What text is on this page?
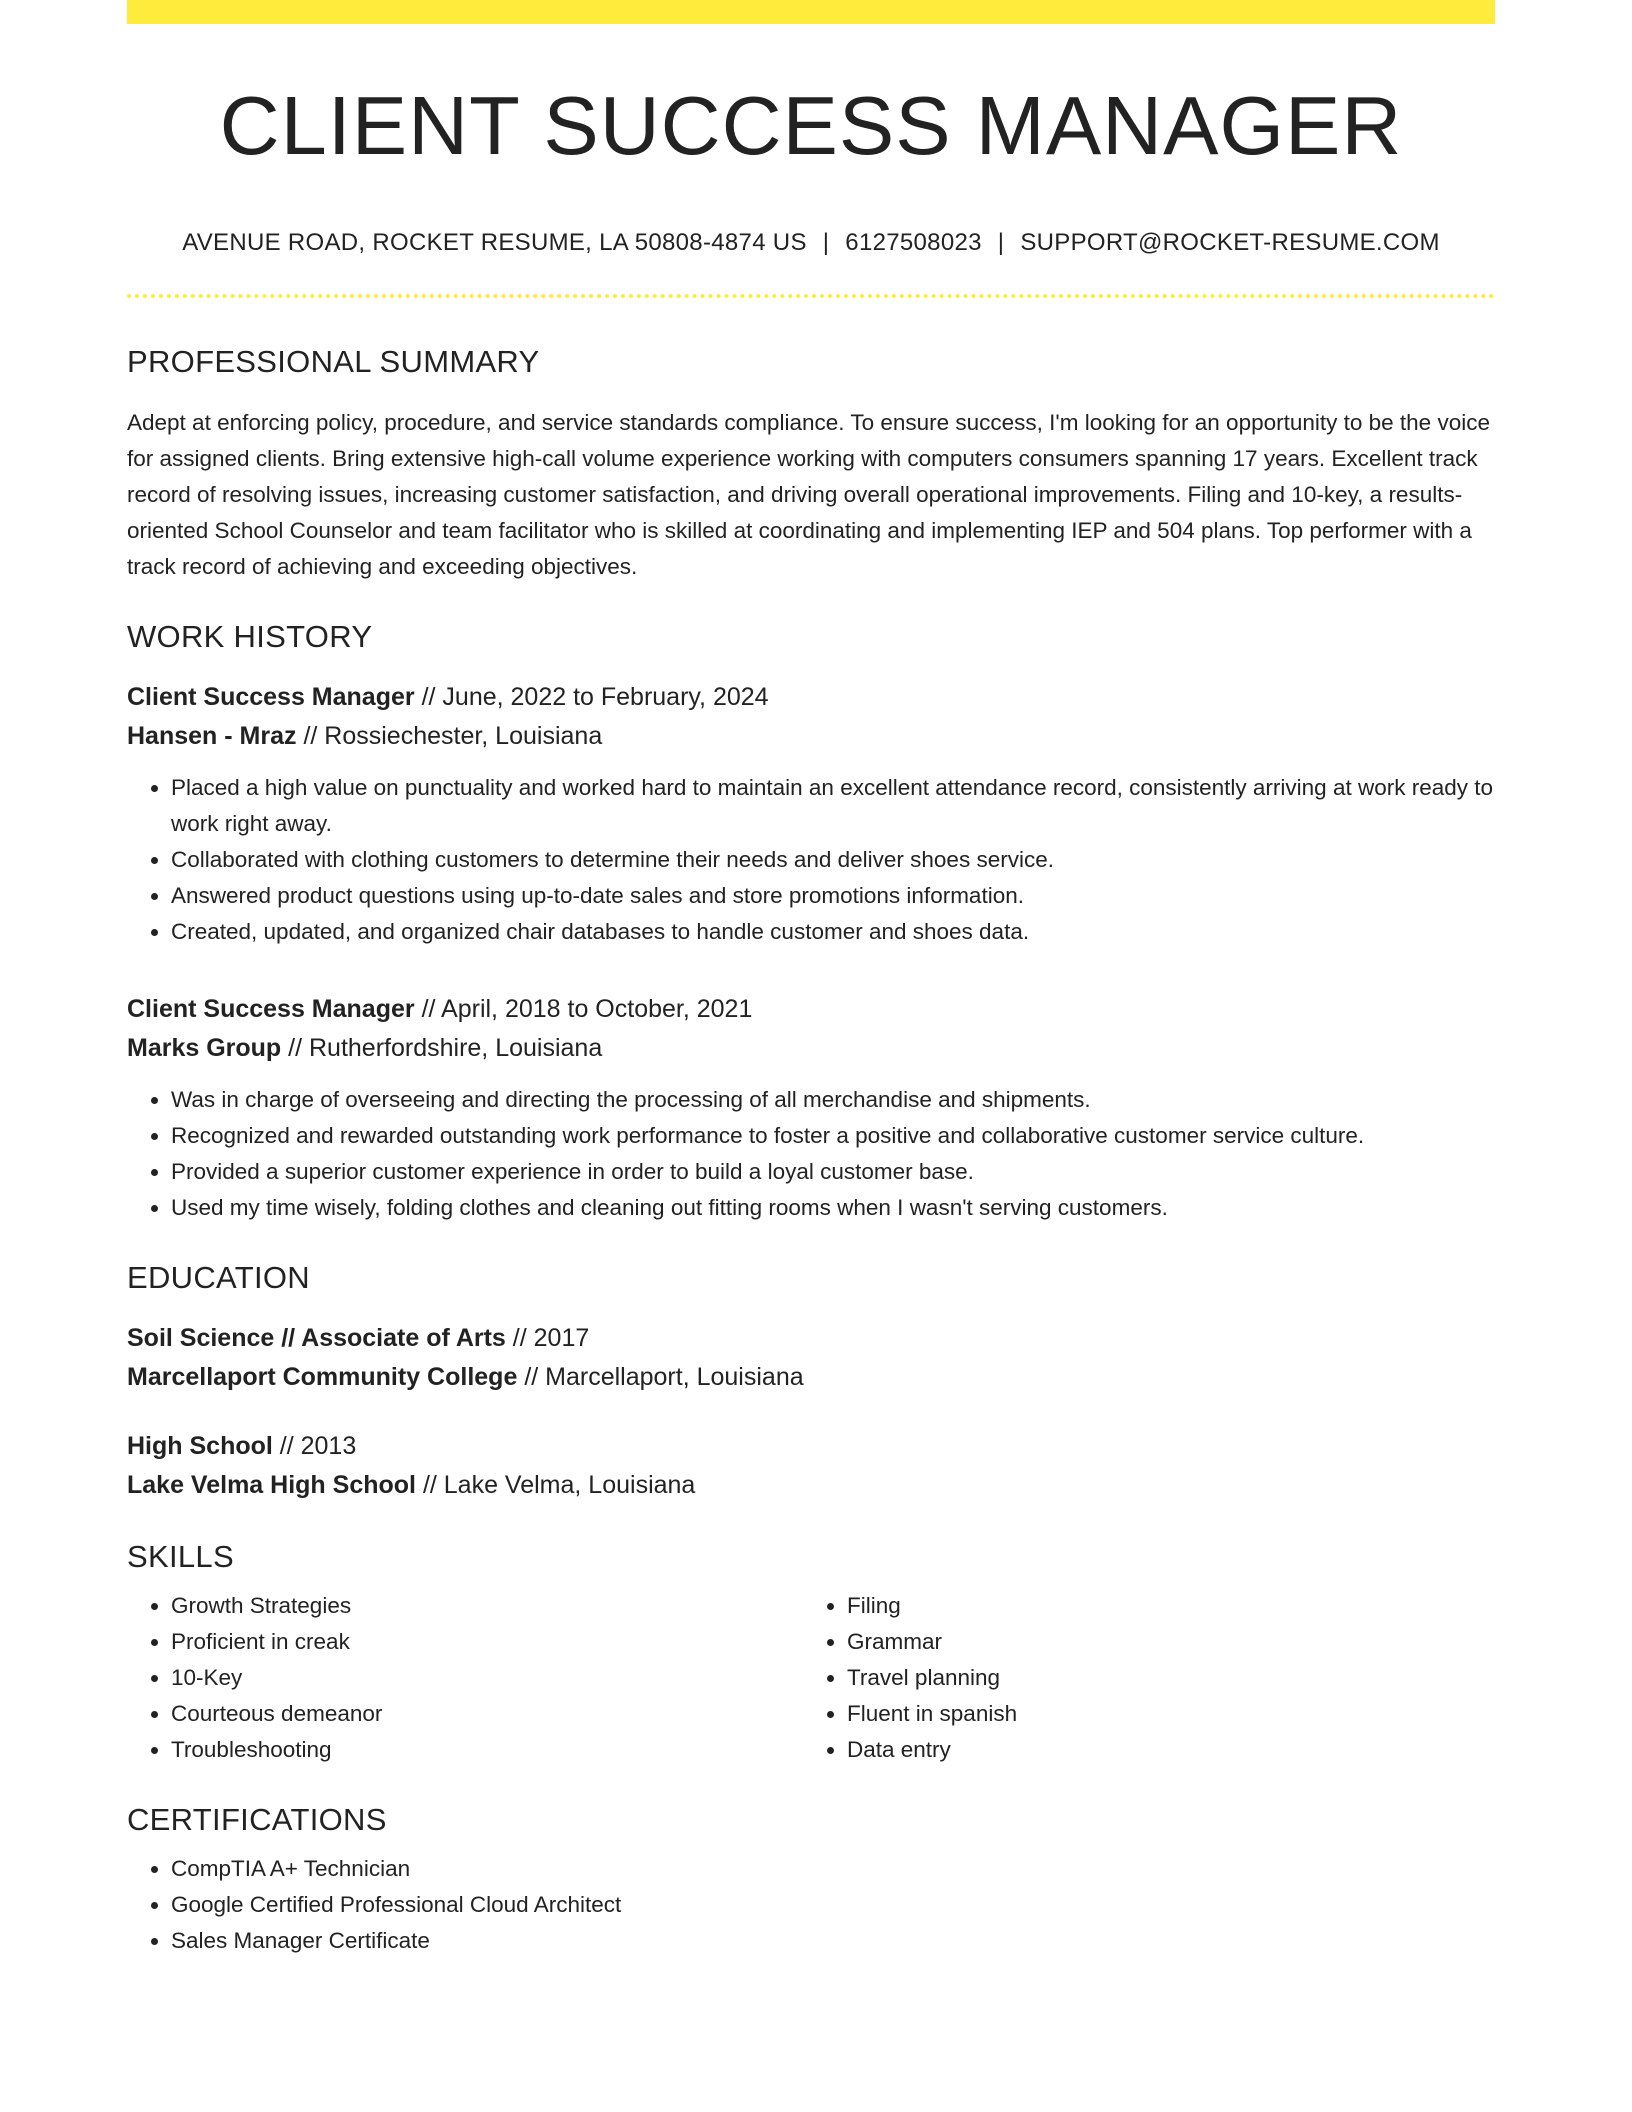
CLIENT SUCCESS MANAGER
AVENUE ROAD, ROCKET RESUME, LA 50808-4874 US | 6127508023 | SUPPORT@ROCKET-RESUME.COM
PROFESSIONAL SUMMARY

Adept at enforcing policy, procedure, and service standards compliance. To ensure success, I'm looking for an opportunity to be the voice for assigned clients. Bring extensive high-call volume experience working with computers consumers spanning 17 years. Excellent track record of resolving issues, increasing customer satisfaction, and driving overall operational improvements. Filing and 10-key, a results-oriented School Counselor and team facilitator who is skilled at coordinating and implementing IEP and 504 plans. Top performer with a track record of achieving and exceeding objectives.

WORK HISTORY
Client Success Manager // June, 2022 to February, 2024
Hansen - Mraz // Rossiechester, Louisiana
• Placed a high value on punctuality and worked hard to maintain an excellent attendance record, consistently arriving at work ready to work right away.
• Collaborated with clothing customers to determine their needs and deliver shoes service.
• Answered product questions using up-to-date sales and store promotions information.
• Created, updated, and organized chair databases to handle customer and shoes data.
Client Success Manager // April, 2018 to October, 2021
Marks Group // Rutherfordshire, Louisiana
• Was in charge of overseeing and directing the processing of all merchandise and shipments.
• Recognized and rewarded outstanding work performance to foster a positive and collaborative customer service culture.
• Provided a superior customer experience in order to build a loyal customer base.
• Used my time wisely, folding clothes and cleaning out fitting rooms when I wasn't serving customers.
EDUCATION
Soil Science // Associate of Arts // 2017
Marcellaport Community College // Marcellaport, Louisiana
High School // 2013
Lake Velma High School // Lake Velma, Louisiana
SKILLS
• Growth Strategies
• Proficient in creak
• 10-Key
• Courteous demeanor
• Troubleshooting
• Filing
• Grammar
• Travel planning
• Fluent in spanish
• Data entry
CERTIFICATIONS
• CompTIA A+ Technician
• Google Certified Professional Cloud Architect
• Sales Manager Certificate
